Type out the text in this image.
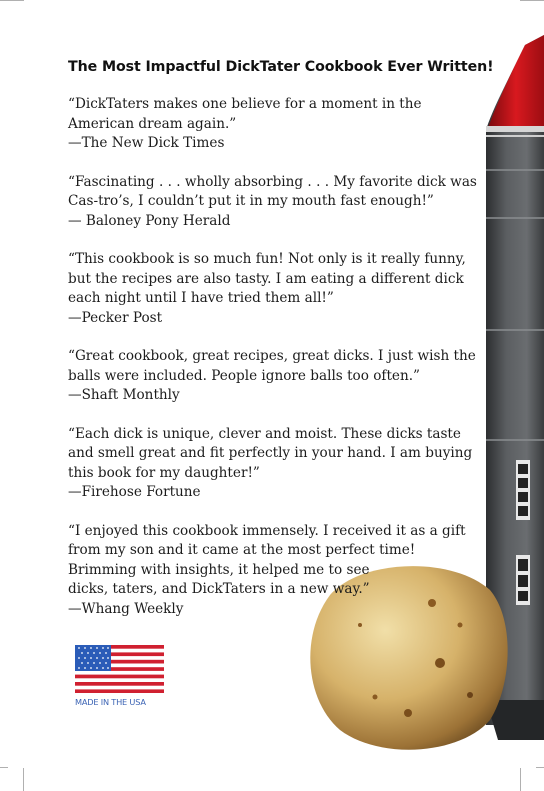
The Most Impactful DickTater Cookbook Ever Written!
“DickTaters makes one believe for a moment in the American dream again.”
—The New Dick Times
“Fascinating . . . wholly absorbing . . . My favorite dick was Cas-tro’s, I couldn’t put it in my mouth fast enough!”
— Baloney Pony Herald
“This cookbook is so much fun! Not only is it really funny, but the recipes are also tasty. I am eating a different dick each night until I have tried them all!”
—Pecker Post
“Great cookbook, great recipes, great dicks. I just wish the balls were included. People ignore balls too often.”
—Shaft Monthly
“Each dick is unique, clever and moist. These dicks taste and smell great and fit perfectly in your hand. I am buying this book for my daughter!”
—Firehose Fortune
“I enjoyed this cookbook immensely. I received it as a gift from my son and it came at the most perfect time!
Brimming with insights, it helped me to see
dicks, taters, and DickTaters in a new way.”
—Whang Weekly
MADE IN THE USA
